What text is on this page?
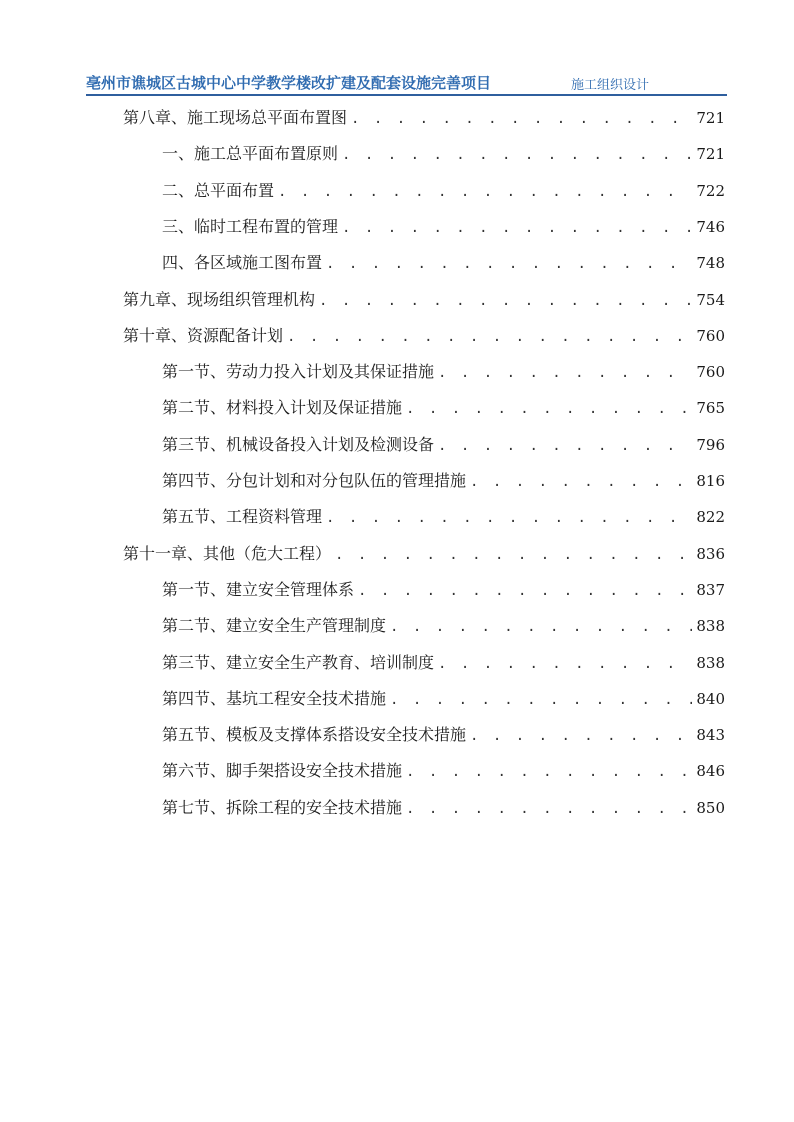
亳州市谯城区古城中心中学教学楼改扩建及配套设施完善项目	施工组织设计
第八章、施工现场总平面布置图 . . .	721
一、施工总平面布置原则 . . .	721
二、总平面布置 . . .	722
三、临时工程布置的管理 . . .	746
四、各区域施工图布置 . . .	748
第九章、现场组织管理机构 . . .	754
第十章、资源配备计划 . . .	760
第一节、劳动力投入计划及其保证措施 . . .	760
第二节、材料投入计划及保证措施 . . .	765
第三节、机械设备投入计划及检测设备 . . .	796
第四节、分包计划和对分包队伍的管理措施 . . .	816
第五节、工程资料管理 . . .	822
第十一章、其他（危大工程） . . .	836
第一节、建立安全管理体系 . . .	837
第二节、建立安全生产管理制度 . . .	838
第三节、建立安全生产教育、培训制度 . . .	838
第四节、基坑工程安全技术措施 . . .	840
第五节、模板及支撑体系搭设安全技术措施 . . .	843
第六节、脚手架搭设安全技术措施 . . .	846
第七节、拆除工程的安全技术措施 . . .	850
